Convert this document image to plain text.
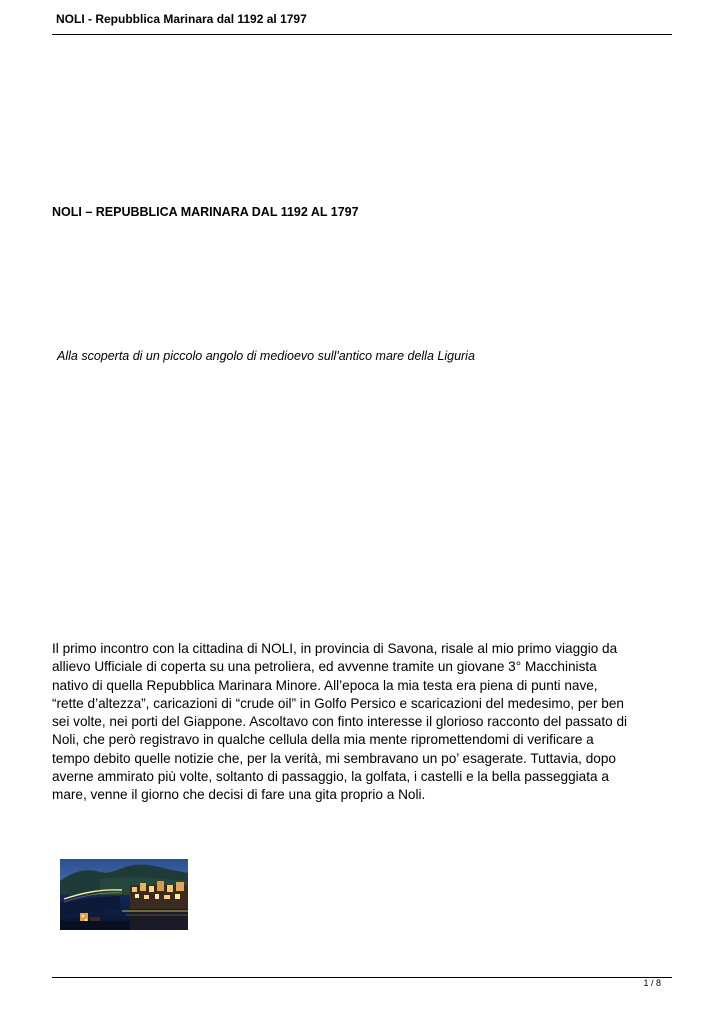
NOLI - Repubblica Marinara dal 1192 al 1797
NOLI – REPUBBLICA MARINARA DAL 1192 AL 1797

Alla scoperta di un piccolo angolo di medioevo sull'antico mare della Liguria

Il primo incontro con la cittadina di NOLI, in provincia di Savona, risale al mio primo viaggio da
allievo Ufficiale di coperta su una petroliera, ed avvenne tramite un giovane 3° Macchinista
nativo di quella Repubblica Marinara Minore. All’epoca la mia testa era piena di punti nave,
“rette d’altezza”, caricazioni di “crude oil” in Golfo Persico e scaricazioni del medesimo, per ben
sei volte, nei porti del Giappone. Ascoltavo con finto interesse il glorioso racconto del passato di
Noli, che però registravo in qualche cellula della mia mente ripromettendomi di verificare a
tempo debito quelle notizie che, per la verità, mi sembravano un po’ esagerate. Tuttavia, dopo
averne ammirato più volte, soltanto di passaggio, la golfata, i castelli e la bella passeggiata a
mare, venne il giorno che decisi di fare una gita proprio a Noli.
1 / 8
